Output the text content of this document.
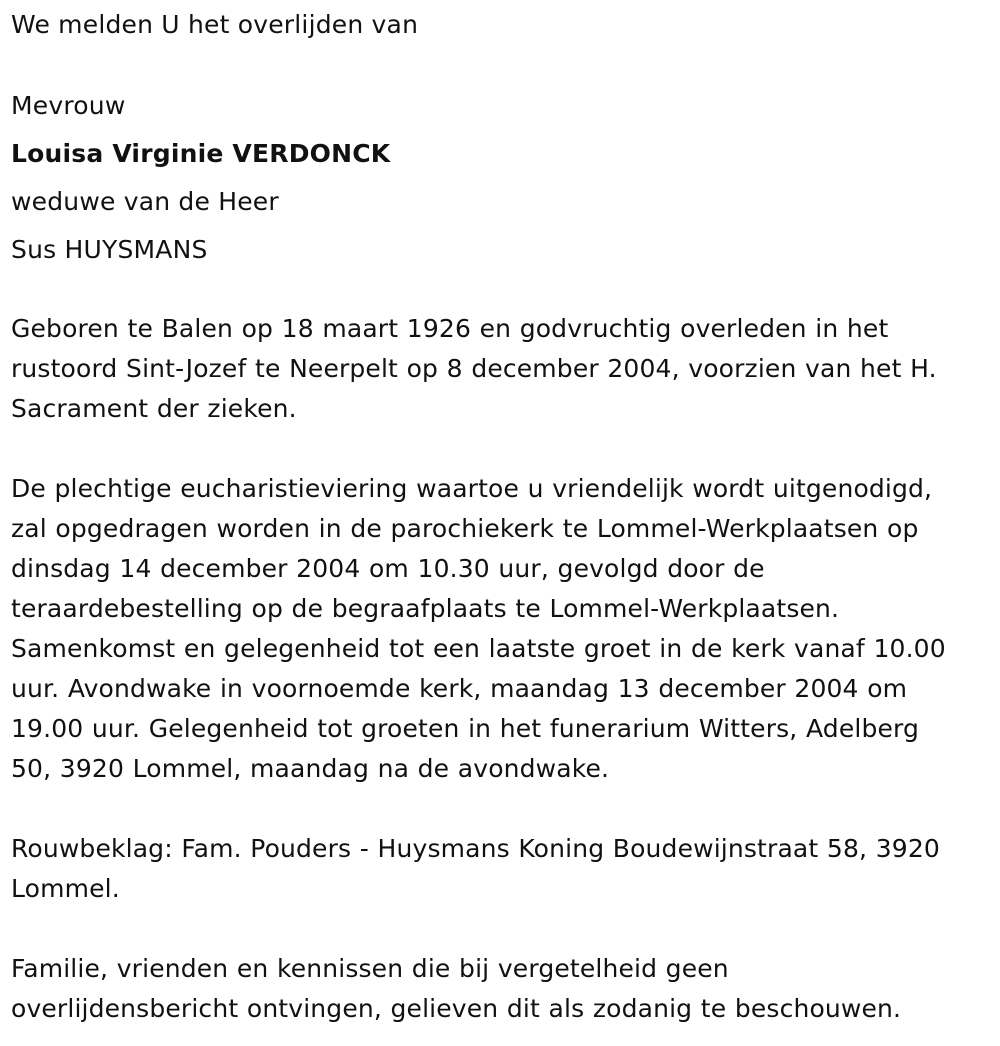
We melden U het overlijden van
Mevrouw
Louisa Virginie VERDONCK
weduwe van de Heer
Sus HUYSMANS
Geboren te Balen op 18 maart 1926 en godvruchtig overleden in het
rustoord Sint-Jozef te Neerpelt op 8 december 2004, voorzien van het H.
Sacrament der zieken.
De plechtige eucharistieviering waartoe u vriendelijk wordt uitgenodigd,
zal opgedragen worden in de parochiekerk te Lommel-Werkplaatsen op
dinsdag 14 december 2004 om 10.30 uur, gevolgd door de
teraardebestelling op de begraafplaats te Lommel-Werkplaatsen.
Samenkomst en gelegenheid tot een laatste groet in de kerk vanaf 10.00
uur. Avondwake in voornoemde kerk, maandag 13 december 2004 om
19.00 uur. Gelegenheid tot groeten in het funerarium Witters, Adelberg
50, 3920 Lommel, maandag na de avondwake.
Rouwbeklag: Fam. Pouders - Huysmans Koning Boudewijnstraat 58, 3920
Lommel.
Familie, vrienden en kennissen die bij vergetelheid geen
overlijdensbericht ontvingen, gelieven dit als zodanig te beschouwen.
